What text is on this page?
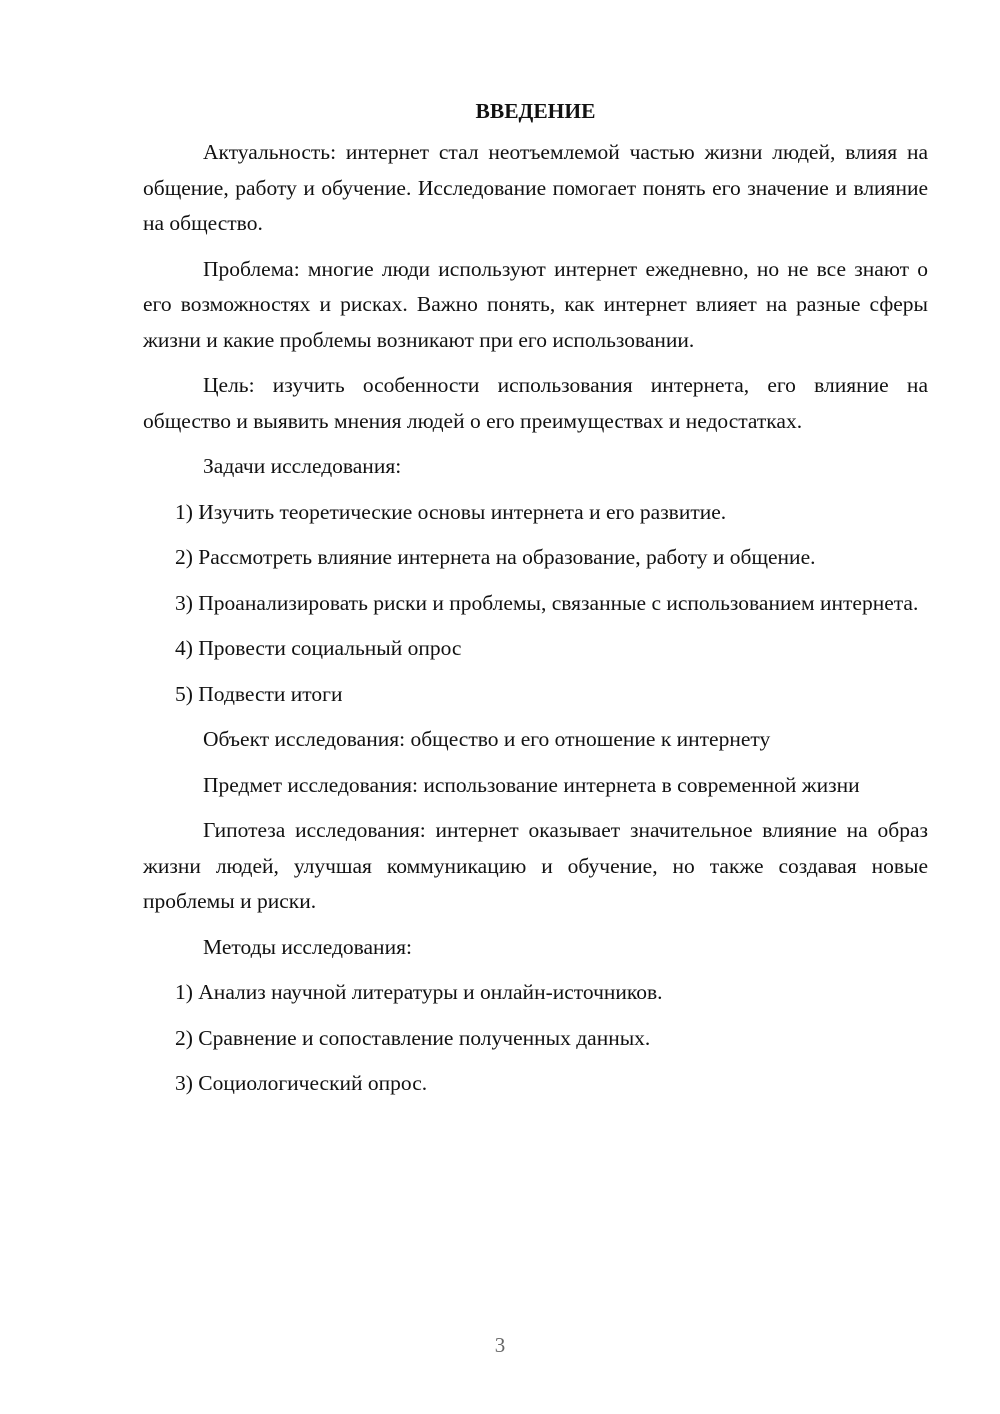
ВВЕДЕНИЕ
Актуальность: интернет стал неотъемлемой частью жизни людей, влияя на общение, работу и обучение. Исследование помогает понять его значение и влияние на общество.
Проблема: многие люди используют интернет ежедневно, но не все знают о его возможностях и рисках. Важно понять, как интернет влияет на разные сферы жизни и какие проблемы возникают при его использовании.
Цель: изучить особенности использования интернета, его влияние на общество и выявить мнения людей о его преимуществах и недостатках.
Задачи исследования:
1) Изучить теоретические основы интернета и его развитие.
2) Рассмотреть влияние интернета на образование, работу и общение.
3) Проанализировать риски и проблемы, связанные с использованием интернета.
4) Провести социальный опрос
5) Подвести итоги
Объект исследования: общество и его отношение к интернету
Предмет исследования: использование интернета в современной жизни
Гипотеза исследования: интернет оказывает значительное влияние на образ жизни людей, улучшая коммуникацию и обучение, но также создавая новые проблемы и риски.
Методы исследования:
1) Анализ научной литературы и онлайн-источников.
2) Сравнение и сопоставление полученных данных.
3) Социологический опрос.
3
